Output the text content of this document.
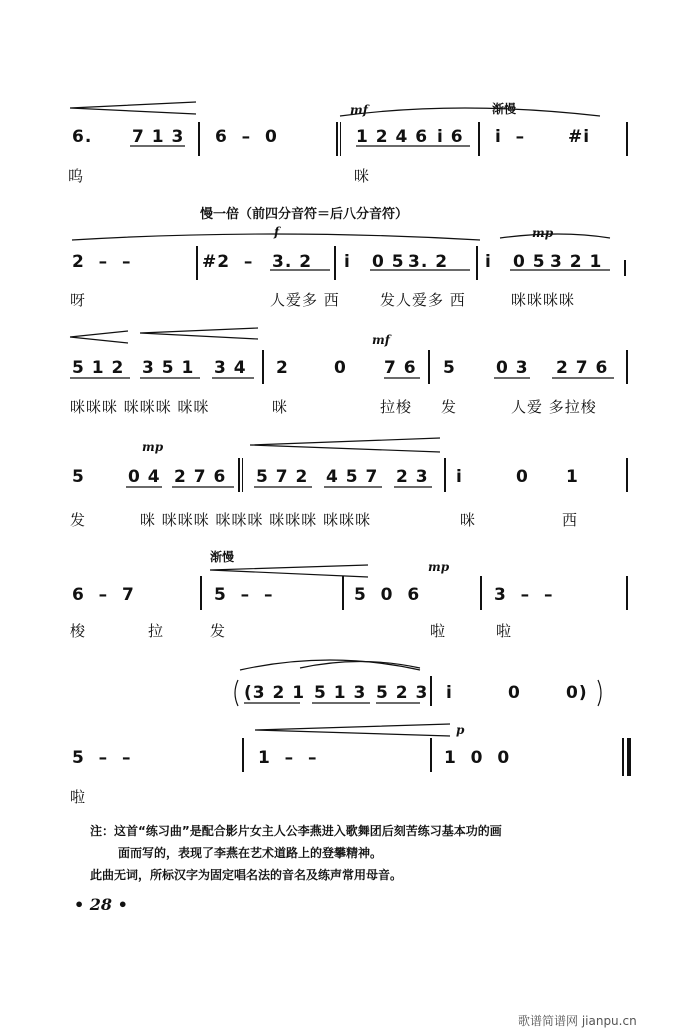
mf	渐慢
6. 7 1 3 6  –  0	1 2 4 6 i 6 i  –	#i
呜	咪
慢一倍（前四分音符＝后八分音符）
f	mp
2  –  –	#2  – 3. 2 i 0 5 3. 2 i 0 5 3 2 1
呀	人爱多 西	发人爱多 西	咪咪咪咪
mf
5 1 2 3 5 1 3 4 2	0 7 6 5 0 3 2 7 6
咪咪咪 咪咪咪 咪咪	咪	拉梭 发	人爱 多拉梭
mp
5	0 4 2 7 6 5 7 2 4 5 7 2 3 i	0 1
发	咪 咪咪咪 咪咪咪 咪咪咪 咪咪咪	咪	西
渐慢
mp
6  –  7	5  –  –	5  0  6	3  –  –
梭	拉	发	啦	啦
(3 2 1 5 1 3 5 2 3 i	0	0)
p
5  –  –	1  –  –	1  0  0
啦
注：这首“练习曲”是配合影片女主人公李燕进入歌舞团后刻苦练习基本功的画
面而写的，表现了李燕在艺术道路上的登攀精神。
此曲无词，所标汉字为固定唱名法的音名及练声常用母音。
• 28 •
歌谱简谱网 jianpu.cn
